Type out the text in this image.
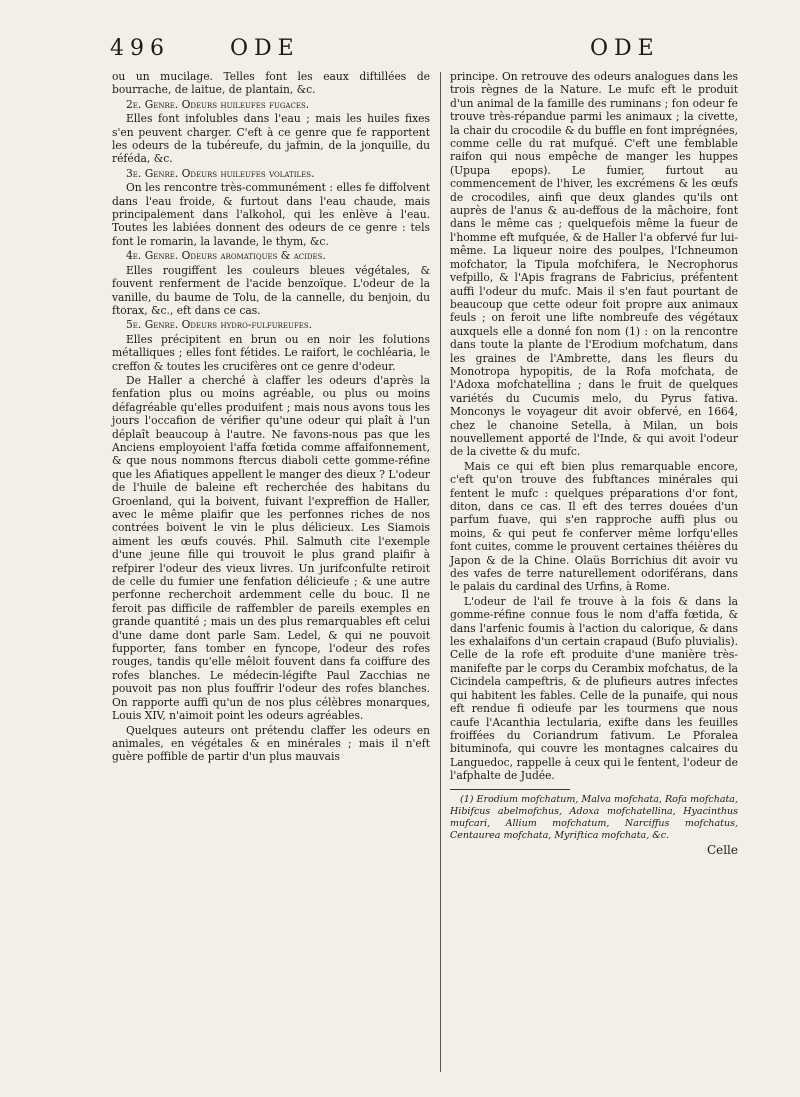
496	ODE	ODE

ou un mucilage. Telles font les eaux diftillées de bourrache, de laitue, de plantain, &c.

2e. Genre. Odeurs huileufes fugaces.

Elles font infolubles dans l'eau ; mais les huiles fixes s'en peuvent charger. C'eft à ce genre que fe rapportent les odeurs de la tubéreufe, du jafmin, de la jonquille, du réféda, &c.

3e. Genre. Odeurs huileufes volatiles.

On les rencontre très-communément : elles fe diffolvent dans l'eau froide, & furtout dans l'eau chaude, mais principalement dans l'alkohol, qui les enlève à l'eau. Toutes les labiées donnent des odeurs de ce genre : tels font le romarin, la lavande, le thym, &c.

4e. Genre. Odeurs aromatiques & acides.

Elles rougiffent les couleurs bleues végétales, & fouvent renferment de l'acide benzoïque. L'odeur de la vanille, du baume de Tolu, de la cannelle, du benjoin, du ftorax, &c., eft dans ce cas.

5e. Genre. Odeurs hydro-fulfureufes.

Elles précipitent en brun ou en noir les folutions métalliques ; elles font fétides. Le raifort, le cochléaria, le creffon & toutes les crucifères ont ce genre d'odeur.

De Haller a cherché à claffer les odeurs d'après la fenfation plus ou moins agréable, ou plus ou moins défagréable qu'elles produifent ; mais nous avons tous les jours l'occafion de vérifier qu'une odeur qui plaît à l'un déplaît beaucoup à l'autre. Ne favons-nous pas que les Anciens employoient l'affa fœtida comme affaifonnement, & que nous nommons ftercus diaboli cette gomme-réfine que les Afiatiques appellent le manger des dieux ? L'odeur de l'huile de baleine eft recherchée des habitans du Groenland, qui la boivent, fuivant l'expreffion de Haller, avec le même plaifir que les perfonnes riches de nos contrées boivent le vin le plus délicieux. Les Siamois aiment les œufs couvés. Phil. Salmuth cite l'exemple d'une jeune fille qui trouvoit le plus grand plaifir à refpirer l'odeur des vieux livres. Un jurifconfulte retiroit de celle du fumier une fenfation délicieufe ; & une autre perfonne recherchoit ardemment celle du bouc. Il ne feroit pas difficile de raffembler de pareils exemples en grande quantité ; mais un des plus remarquables eft celui d'une dame dont parle Sam. Ledel, & qui ne pouvoit fupporter, fans tomber en fyncope, l'odeur des rofes rouges, tandis qu'elle mêloit fouvent dans fa coiffure des rofes blanches. Le médecin-légifte Paul Zacchias ne pouvoit pas non plus fouffrir l'odeur des rofes blanches. On rapporte auffi qu'un de nos plus célèbres monarques, Louis XIV, n'aimoit point les odeurs agréables.

Quelques auteurs ont prétendu claffer les odeurs en animales, en végétales & en minérales ; mais il n'eft guère poffible de partir d'un plus mauvais

principe. On retrouve des odeurs analogues dans les trois règnes de la Nature. Le mufc eft le produit d'un animal de la famille des ruminans ; fon odeur fe trouve très-répandue parmi les animaux ; la civette, la chair du crocodile & du buffle en font imprégnées, comme celle du rat mufqué. C'eft une femblable raifon qui nous empêche de manger les huppes (Upupa epops). Le fumier, furtout au commencement de l'hiver, les excrémens & les œufs de crocodiles, ainfi que deux glandes qu'ils ont auprès de l'anus & au-deffous de la mâchoire, font dans le même cas ; quelquefois même la fueur de l'homme eft mufquée, & de Haller l'a obfervé fur lui-même. La liqueur noire des poulpes, l'Ichneumon mofchator, la Tipula mofchifera, le Necrophorus vefpillo, & l'Apis fragrans de Fabricius, préfentent auffi l'odeur du mufc. Mais il s'en faut pourtant de beaucoup que cette odeur foit propre aux animaux feuls ; on feroit une lifte nombreufe des végétaux auxquels elle a donné fon nom (1) : on la rencontre dans toute la plante de l'Erodium mofchatum, dans les graines de l'Ambrette, dans les fleurs du Monotropa hypopitis, de la Rofa mofchata, de l'Adoxa mofchatellina ; dans le fruit de quelques variétés du Cucumis melo, du Pyrus fativa. Monconys le voyageur dit avoir obfervé, en 1664, chez le chanoine Setella, à Milan, un bois nouvellement apporté de l'Inde, & qui avoit l'odeur de la civette & du mufc.

Mais ce qui eft bien plus remarquable encore, c'eft qu'on trouve des fubftances minérales qui fentent le mufc : quelques préparations d'or font, diton, dans ce cas. Il eft des terres douées d'un parfum fuave, qui s'en rapproche auffi plus ou moins, & qui peut fe conferver même lorfqu'elles font cuites, comme le prouvent certaines théières du Japon & de la Chine. Olaüs Borrichius dit avoir vu des vafes de terre naturellement odoriférans, dans le palais du cardinal des Urfins, à Rome.

L'odeur de l'ail fe trouve à la fois & dans la gomme-réfine connue fous le nom d'affa fœtida, & dans l'arfenic foumis à l'action du calorique, & dans les exhalaifons d'un certain crapaud (Bufo pluvialis). Celle de la rofe eft produite d'une manière très-manifefte par le corps du Cerambix mofchatus, de la Cicindela campeftris, & de plufieurs autres infectes qui habitent les fables. Celle de la punaife, qui nous eft rendue fi odieufe par les tourmens que nous caufe l'Acanthia lectularia, exifte dans les feuilles froiffées du Coriandrum fativum. Le Pforalea bituminofa, qui couvre les montagnes calcaires du Languedoc, rappelle à ceux qui le fentent, l'odeur de l'afphalte de Judée.

(1) Erodium mofchatum, Malva mofchata, Rofa mofchata, Hibifcus abelmofchus, Adoxa mofchatellina, Hyacinthus mufcari, Allium mofchatum, Narciffus mofchatus, Centaurea mofchata, Myriftica mofchata, &c.

Celle
